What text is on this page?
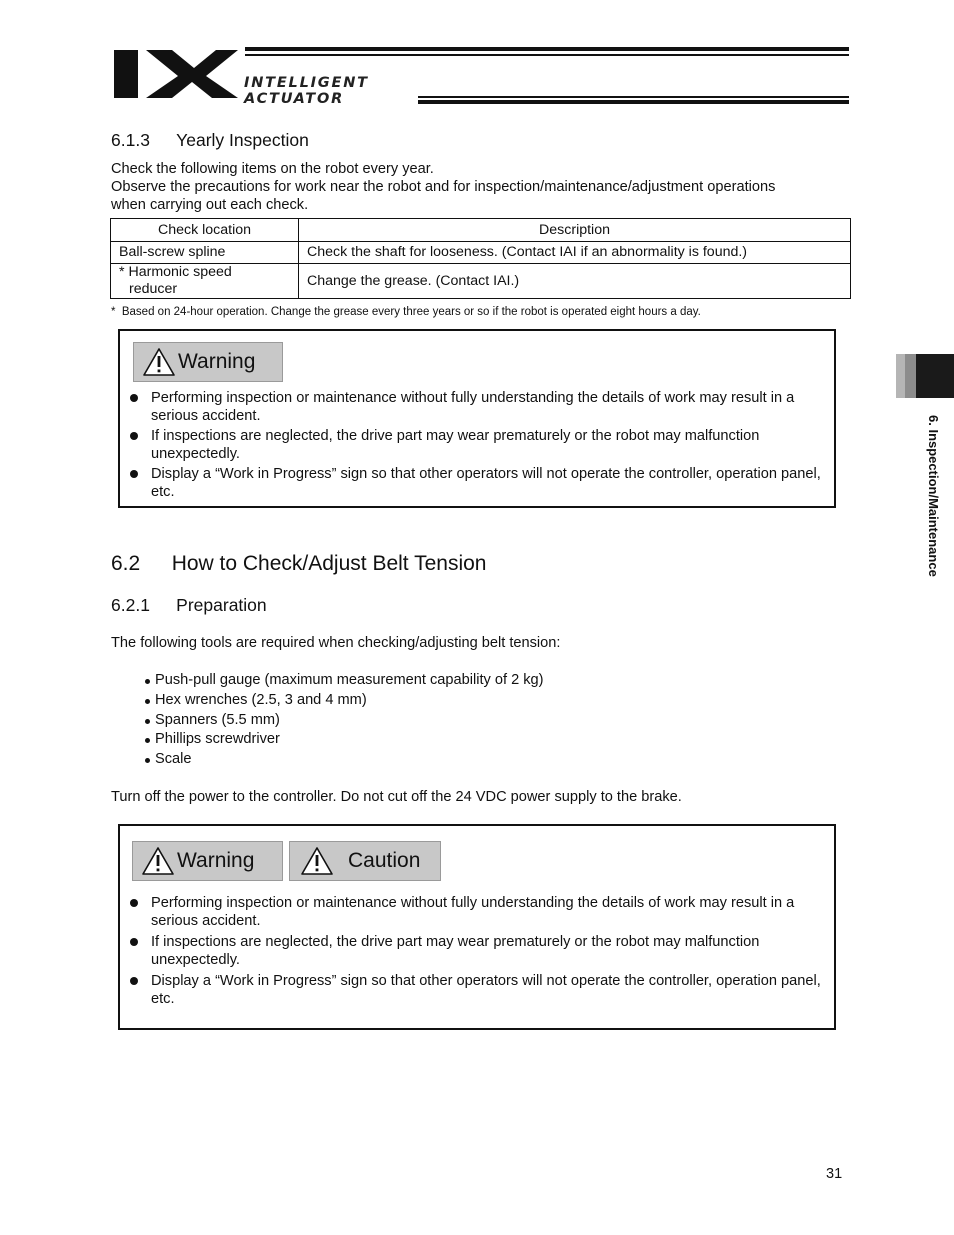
INTELLIGENT
ACTUATOR
6.1.3  Yearly Inspection
Check the following items on the robot every year.
Observe the precautions for work near the robot and for inspection/maintenance/adjustment operations
when carrying out each check.
Check location	Description
Ball-screw spline	Check the shaft for looseness. (Contact IAI if an abnormality is found.)

* Harmonic speed
reducer	Change the grease. (Contact IAI.)
*  Based on 24-hour operation. Change the grease every three years or so if the robot is operated eight hours a day.
Warning
Performing inspection or maintenance without fully understanding the details of work may result in a serious accident.
If inspections are neglected, the drive part may wear prematurely or the robot may malfunction unexpectedly.
Display a “Work in Progress” sign so that other operators will not operate the controller, operation panel, etc.
6.2  How to Check/Adjust Belt Tension
6.2.1  Preparation
The following tools are required when checking/adjusting belt tension:
Push-pull gauge (maximum measurement capability of 2 kg)
Hex wrenches (2.5, 3 and 4 mm)
Spanners (5.5 mm)
Phillips screwdriver
Scale
Turn off the power to the controller. Do not cut off the 24 VDC power supply to the brake.
Warning	Caution
Performing inspection or maintenance without fully understanding the details of work may result in a serious accident.
If inspections are neglected, the drive part may wear prematurely or the robot may malfunction unexpectedly.
Display a “Work in Progress” sign so that other operators will not operate the controller, operation panel, etc.
6. Inspection/Maintenance
31
